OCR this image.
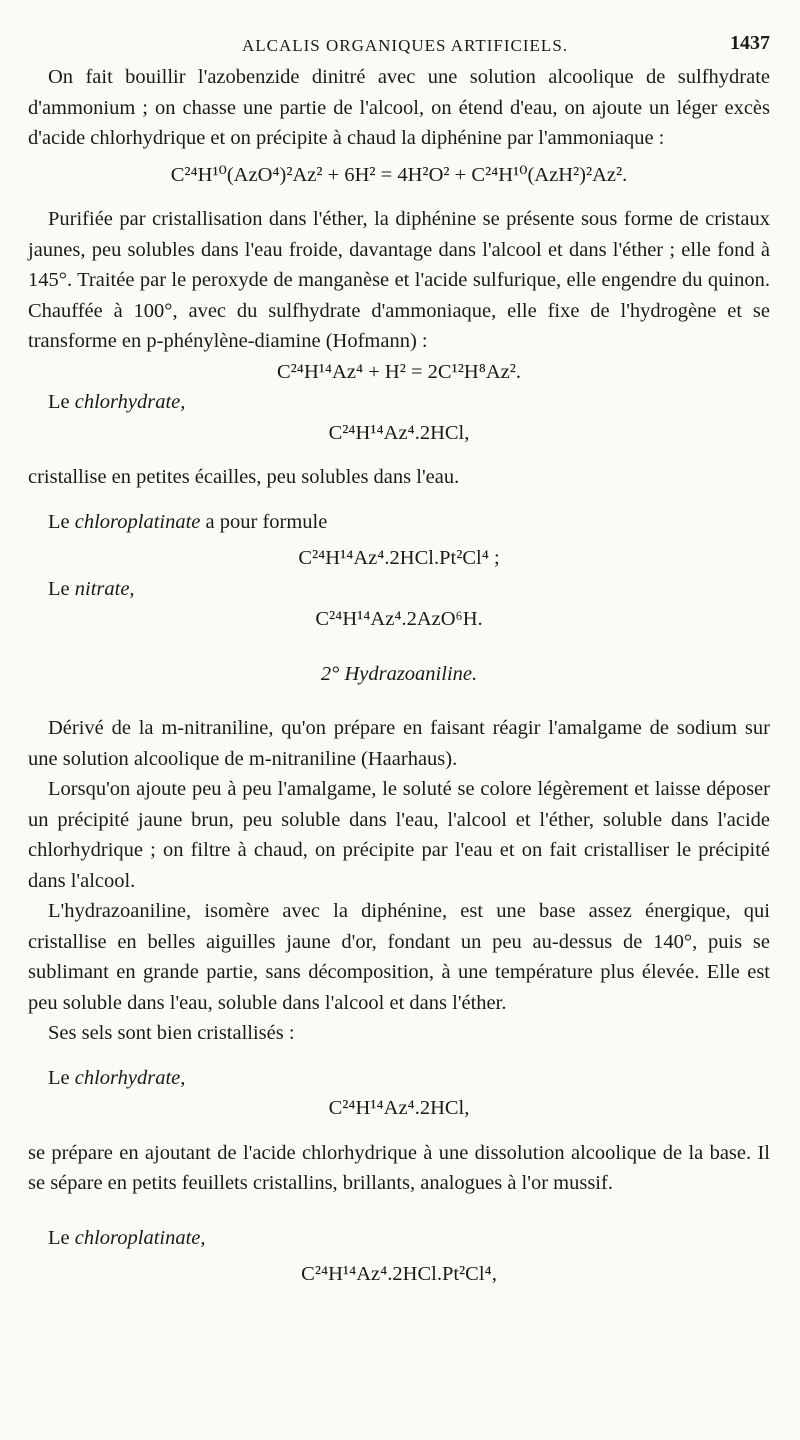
ALCALIS ORGANIQUES ARTIFICIELS.	1437

On fait bouillir l'azobenzide dinitré avec une solution alcoolique de sulfhydrate d'ammonium ; on chasse une partie de l'alcool, on étend d'eau, on ajoute un léger excès d'acide chlorhydrique et on précipite à chaud la diphénine par l'ammoniaque :

C²⁴H¹⁰(AzO⁴)²Az² + 6H² = 4H²O² + C²⁴H¹⁰(AzH²)²Az².

Purifiée par cristallisation dans l'éther, la diphénine se présente sous forme de cristaux jaunes, peu solubles dans l'eau froide, davantage dans l'alcool et dans l'éther ; elle fond à 145°. Traitée par le peroxyde de manganèse et l'acide sulfurique, elle engendre du quinon. Chauffée à 100°, avec du sulfhydrate d'ammoniaque, elle fixe de l'hydrogène et se transforme en p-phénylène-diamine (Hofmann) :

C²⁴H¹⁴Az⁴ + H² = 2C¹²H⁸Az².

Le chlorhydrate,

C²⁴H¹⁴Az⁴.2HCl,

cristallise en petites écailles, peu solubles dans l'eau.

Le chloroplatinate a pour formule

C²⁴H¹⁴Az⁴.2HCl.Pt²Cl⁴ ;

Le nitrate,

C²⁴H¹⁴Az⁴.2AzO⁶H.

2° Hydrazoaniline.

Dérivé de la m-nitraniline, qu'on prépare en faisant réagir l'amalgame de sodium sur une solution alcoolique de m-nitraniline (Haarhaus).

Lorsqu'on ajoute peu à peu l'amalgame, le soluté se colore légèrement et laisse déposer un précipité jaune brun, peu soluble dans l'eau, l'alcool et l'éther, soluble dans l'acide chlorhydrique ; on filtre à chaud, on précipite par l'eau et on fait cristalliser le précipité dans l'alcool.

L'hydrazoaniline, isomère avec la diphénine, est une base assez énergique, qui cristallise en belles aiguilles jaune d'or, fondant un peu au-dessus de 140°, puis se sublimant en grande partie, sans décomposition, à une température plus élevée. Elle est peu soluble dans l'eau, soluble dans l'alcool et dans l'éther.

Ses sels sont bien cristallisés :

Le chlorhydrate,

C²⁴H¹⁴Az⁴.2HCl,

se prépare en ajoutant de l'acide chlorhydrique à une dissolution alcoolique de la base. Il se sépare en petits feuillets cristallins, brillants, analogues à l'or mussif.

Le chloroplatinate,

C²⁴H¹⁴Az⁴.2HCl.Pt²Cl⁴,
